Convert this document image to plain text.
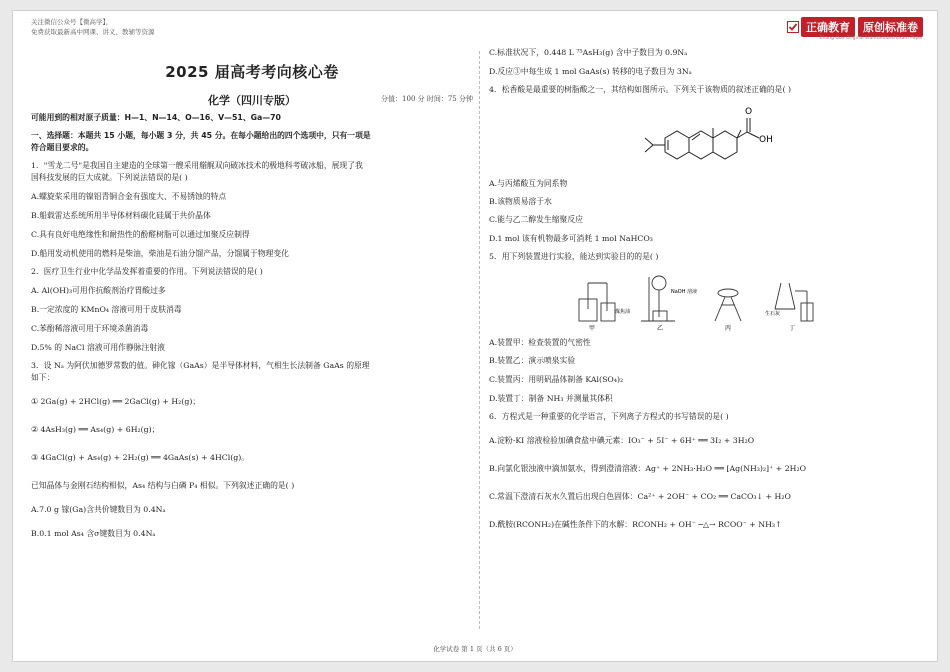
关注微信公众号【微高学】，
免费获取最新高中网课、讲义、教辅等资源
2025 届高考考向核心卷
化学（四川专版）	分值：100 分 时间：75 分钟

可能用到的相对原子质量：H—1、N—14、O—16、V—51、Ga—70

一、选择题：本题共 15 小题，每小题 3 分，共 45 分。在每小题给出的四个选项中，只有一项是

符合题目要求的。

1．"雪龙二号"是我国自主建造的全球第一艘采用艏艉双向破冰技术的极地科考破冰船，展现了我

国科技发展的巨大成就。下列说法错误的是( )

A.螺旋桨采用的镍铝青铜合金有强度大、不易锈蚀的特点

B.船载雷达系统所用半导体材料碳化硅属于共价晶体

C.具有良好电绝缘性和耐热性的酚醛树脂可以通过加聚反应制得

D.船用发动机使用的燃料是柴油，柴油是石油分馏产品，分馏属于物理变化

2．医疗卫生行业中化学品发挥着重要的作用。下列说法错误的是( )

A. Al(OH)₃可用作抗酸剂治疗胃酸过多

B.一定浓度的 KMnO₄ 溶液可用于皮肤消毒

C.苯酚稀溶液可用于环境杀菌消毒

D.5% 的 NaCl 溶液可用作静脉注射液

3．设 Nₐ 为阿伏加德罗常数的值。砷化镓（GaAs）是半导体材料，气相生长法制备 GaAs 的原理

如下：

① 2Ga(g) + 2HCl(g) ══ 2GaCl(g) + H₂(g)；

② 4AsH₃(g) ══ As₄(g) + 6H₂(g)；

③ 4GaCl(g) + As₄(g) + 2H₂(g) ══ 4GaAs(s) + 4HCl(g)。

已知晶体与金刚石结构相似，As₄ 结构与白磷 P₄ 相似。下列叙述正确的是( )

A.7.0 g 镓(Ga)含共价键数目为 0.4Nₐ

B.0.1 mol As₄ 含σ键数目为 0.4Nₐ

正确教育	原创标准卷
Zhang Que Original Standardized Exam Paper

C.标准状况下，0.448 L ⁷⁵AsH₃(g) 含中子数目为 0.9Nₐ

D.反应③中每生成 1 mol GaAs(s) 转移的电子数目为 3Nₐ

4．松香酸是最重要的树脂酸之一，其结构如图所示。下列关于该物质的叙述正确的是( )

O
OH

A.与丙烯酸互为同系物

B.该物质易溶于水

C.能与乙二醇发生缩聚反应

D.1 mol 该有机物最多可消耗 1 mol NaHCO₃

5．用下列装置进行实验，能达到实验目的的是( )

NaOH 溶液
煤焦油	生石灰
甲	乙	丙	丁

A.装置甲：检查装置的气密性

B.装置乙：演示喷泉实验

C.装置丙：用明矾晶体制备 KAl(SO₄)₂

D.装置丁：制备 NH₃ 并测量其体积

6．方程式是一种重要的化学语言，下列离子方程式的书写错误的是( )

A.淀粉-KI 溶液检验加碘食盐中碘元素：IO₃⁻ + 5I⁻ + 6H⁺ ══ 3I₂ + 3H₂O

B.向氯化银浊液中滴加氨水，得到澄清溶液：Ag⁺ + 2NH₃·H₂O ══ [Ag(NH₃)₂]⁺ + 2H₂O

C.常温下澄清石灰水久置后出现白色固体：Ca²⁺ + 2OH⁻ + CO₂ ══ CaCO₃↓ + H₂O

D.酰胺(RCONH₂)在碱性条件下的水解：RCONH₂ + OH⁻ ─△→ RCOO⁻ + NH₃↑

化学试卷 第 1 页（共 6 页）
